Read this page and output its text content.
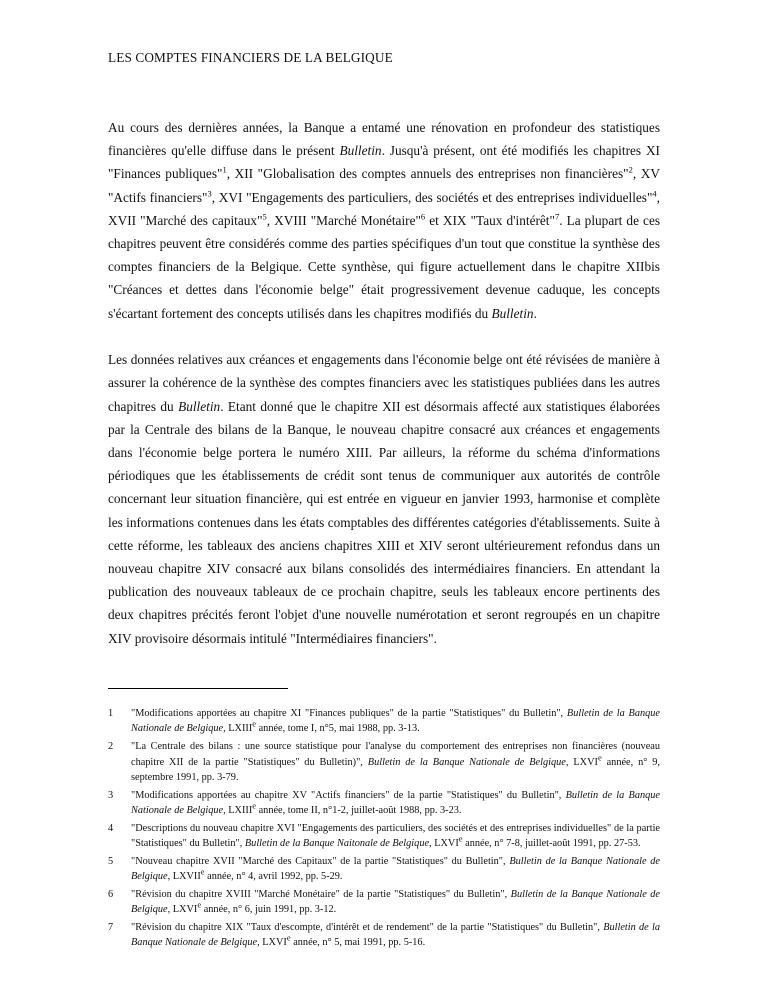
LES COMPTES FINANCIERS DE LA BELGIQUE

Au cours des dernières années, la Banque a entamé une rénovation en profondeur des statistiques financières qu'elle diffuse dans le présent Bulletin. Jusqu'à présent, ont été modifiés les chapitres XI "Finances publiques"$^1$, XII "Globalisation des comptes annuels des entreprises non financières"$^2$, XV "Actifs financiers"$^3$, XVI "Engagements des particuliers, des sociétés et des entreprises individuelles"$^4$, XVII "Marché des capitaux"$^5$, XVIII "Marché Monétaire"$^6$ et XIX "Taux d'intérêt"$^7$. La plupart de ces chapitres peuvent être considérés comme des parties spécifiques d'un tout que constitue la synthèse des comptes financiers de la Belgique. Cette synthèse, qui figure actuellement dans le chapitre XIIbis "Créances et dettes dans l'économie belge" était progressivement devenue caduque, les concepts s'écartant fortement des concepts utilisés dans les chapitres modifiés du Bulletin.

Les données relatives aux créances et engagements dans l'économie belge ont été révisées de manière à assurer la cohérence de la synthèse des comptes financiers avec les statistiques publiées dans les autres chapitres du Bulletin. Etant donné que le chapitre XII est désormais affecté aux statistiques élaborées par la Centrale des bilans de la Banque, le nouveau chapitre consacré aux créances et engagements dans l'économie belge portera le numéro XIII. Par ailleurs, la réforme du schéma d'informations périodiques que les établissements de crédit sont tenus de communiquer aux autorités de contrôle concernant leur situation financière, qui est entrée en vigueur en janvier 1993, harmonise et complète les informations contenues dans les états comptables des différentes catégories d'établissements. Suite à cette réforme, les tableaux des anciens chapitres XIII et XIV seront ultérieurement refondus dans un nouveau chapitre XIV consacré aux bilans consolidés des intermédiaires financiers. En attendant la publication des nouveaux tableaux de ce prochain chapitre, seuls les tableaux encore pertinents des deux chapitres précités feront l'objet d'une nouvelle numérotation et seront regroupés en un chapitre XIV provisoire désormais intitulé "Intermédiaires financiers".

1 "Modifications apportées au chapitre XI "Finances publiques" de la partie "Statistiques" du Bulletin", Bulletin de la Banque Nationale de Belgique, LXIIIe année, tome I, n°5, mai 1988, pp. 3-13.

2 "La Centrale des bilans : une source statistique pour l'analyse du comportement des entreprises non financières (nouveau chapitre XII de la partie "Statistiques" du Bulletin)", Bulletin de la Banque Nationale de Belgique, LXVIe année, n° 9, septembre 1991, pp. 3-79.

3 "Modifications apportées au chapitre XV "Actifs financiers" de la partie "Statistiques" du Bulletin", Bulletin de la Banque Nationale de Belgique, LXIIIe année, tome II, n°1-2, juillet-août 1988, pp. 3-23.

4 "Descriptions du nouveau chapitre XVI "Engagements des particuliers, des sociétés et des entreprises individuelles" de la partie "Statistiques" du Bulletin", Bulletin de la Banque Naitonale de Belgique, LXVIe année, n° 7-8, juillet-août 1991, pp. 27-53.

5 "Nouveau chapitre XVII "Marché des Capitaux" de la partie "Statistiques" du Bulletin", Bulletin de la Banque Nationale de Belgique, LXVIIe année, n° 4, avril 1992, pp. 5-29.

6 "Révision du chapitre XVIII "Marché Monétaire" de la partie "Statistiques" du Bulletin", Bulletin de la Banque Nationale de Belgique, LXVIe année, n° 6, juin 1991, pp. 3-12.

7 "Révision du chapitre XIX "Taux d'escompte, d'intérêt et de rendement" de la partie "Statistiques" du Bulletin", Bulletin de la Banque Nationale de Belgique, LXVIe année, n° 5, mai 1991, pp. 5-16.
